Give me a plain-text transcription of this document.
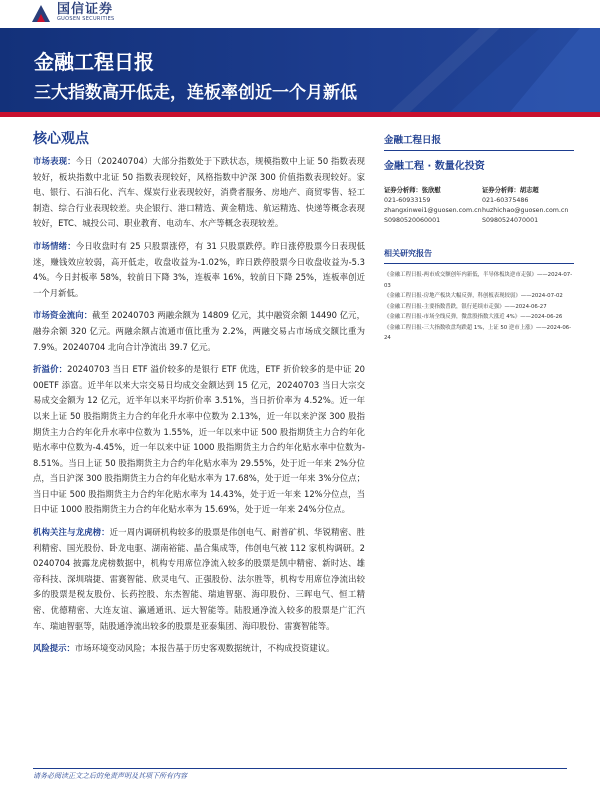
国信证券
GUOSEN SECURITIES
金融工程日报
三大指数高开低走，连板率创近一个月新低
核心观点

市场表现：今日（20240704）大部分指数处于下跌状态，规模指数中上证 50 指数表现较好，板块指数中北证 50 指数表现较好，风格指数中沪深 300 价值指数表现较好。家电、银行、石油石化、汽车、煤炭行业表现较好，消费者服务、房地产、商贸零售、轻工制造、综合行业表现较差。央企银行、港口精选、黄金精选、航运精选、快递等概念表现较好，ETC、城投公司、职业教育、电动车、水产等概念表现较差。

市场情绪：今日收盘时有 25 只股票涨停，有 31 只股票跌停。昨日涨停股票今日表现低迷，赚钱效应较弱，高开低走，收盘收益为-1.02%，昨日跌停股票今日收盘收益为-5.34%。今日封板率 58%，较前日下降 3%，连板率 16%，较前日下降 25%，连板率创近一个月新低。

市场资金流向：截至 20240703 两融余额为 14809 亿元，其中融资余额 14490 亿元，融券余额 320 亿元。两融余额占流通市值比重为 2.2%，两融交易占市场成交额比重为 7.9%。20240704 北向合计净流出 39.7 亿元。

折溢价：20240703 当日 ETF 溢价较多的是银行 ETF 优选，ETF 折价较多的是中证 2000ETF 添富。近半年以来大宗交易日均成交金额达到 15 亿元，20240703 当日大宗交易成交金额为 12 亿元，近半年以来平均折价率 3.51%，当日折价率为 4.52%。近一年以来上证 50 股指期货主力合约年化升水率中位数为 2.13%，近一年以来沪深 300 股指期货主力合约年化升水率中位数为 1.55%，近一年以来中证 500 股指期货主力合约年化贴水率中位数为-4.45%，近一年以来中证 1000 股指期货主力合约年化贴水率中位数为-8.51%。当日上证 50 股指期货主力合约年化贴水率为 29.55%，处于近一年来 2%分位点，当日沪深 300 股指期货主力合约年化贴水率为 17.68%，处于近一年来 3%分位点；当日中证 500 股指期货主力合约年化贴水率为 14.43%，处于近一年来 12%分位点，当日中证 1000 股指期货主力合约年化贴水率为 15.69%，处于近一年来 24%分位点。

机构关注与龙虎榜：近一周内调研机构较多的股票是伟创电气、耐普矿机、华锐精密、胜利精密、国光股份、卧龙电驱、湖南裕能、晶合集成等，伟创电气被 112 家机构调研。20240704 披露龙虎榜数据中，机构专用席位净流入较多的股票是凯中精密、新时达、雄帝科技、深圳瑞捷、雷赛智能、欣灵电气、正强股份、法尔胜等，机构专用席位净流出较多的股票是税友股份、长药控股、东杰智能、瑞迪智驱、海印股份、三晖电气、恒工精密、优德精密、大连友谊、瀛通通讯、远大智能等。陆股通净流入较多的股票是广汇汽车、瑞迪智驱等，陆股通净流出较多的股票是亚泰集团、海印股份、雷赛智能等。

风险提示：市场环境变动风险；本报告基于历史客观数据统计，不构成投资建议。

金融工程日报
金融工程 · 数量化投资
证券分析师：张欣慰
021-60933159
zhangxinwei1@guosen.com.cn
S0980520060001
证券分析师：胡志超
021-60375486
huzhichao@guosen.com.cn
S0980524070001
相关研究报告
《金融工程日报-两市成交额创年内新低，半导体板块逆市走强》——2024-07-03
《金融工程日报-房地产板块大幅反弹，科创板表现较弱》——2024-07-02
《金融工程日报-主要指数普跌，银行延续市走强》——2024-06-27
《金融工程日报-市场全线反弹，微盘股指数大涨近 4%》——2024-06-26
《金融工程日报-三大指数收盘均跌超 1%，上证 50 逆市上涨》——2024-06-24
请务必阅读正文之后的免责声明及其项下所有内容
